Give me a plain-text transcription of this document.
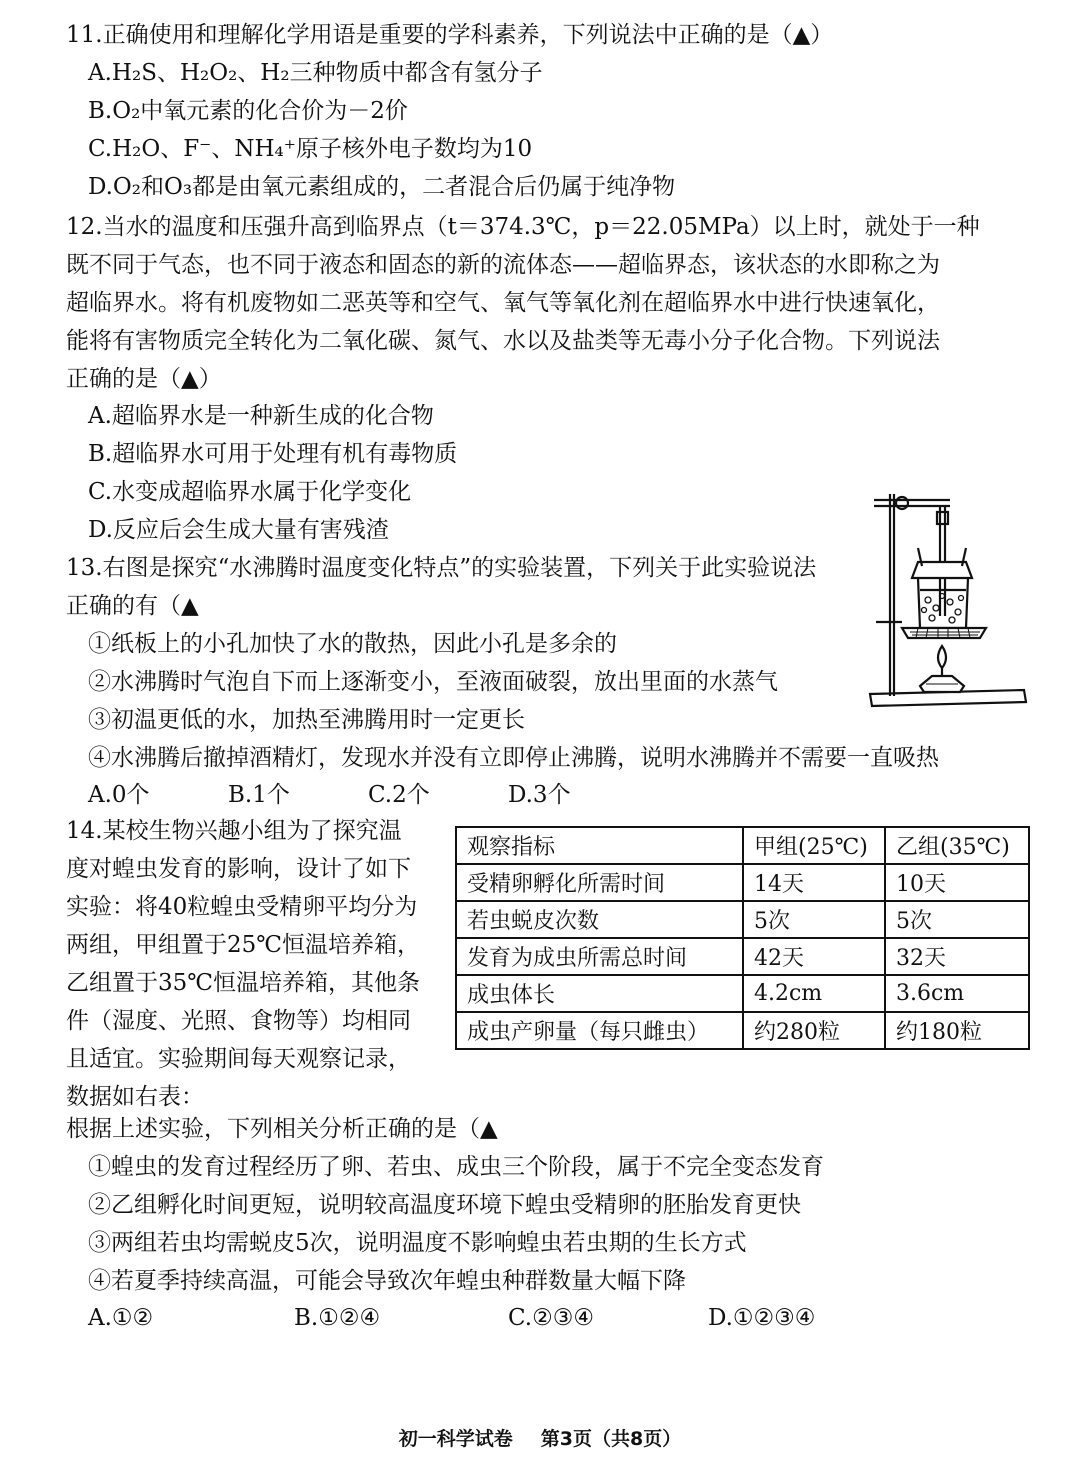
11.正确使用和理解化学用语是重要的学科素养，下列说法中正确的是（▲）
A.H₂S、H₂O₂、H₂三种物质中都含有氢分子
B.O₂中氧元素的化合价为－2价
C.H₂O、F⁻、NH₄⁺原子核外电子数均为10
D.O₂和O₃都是由氧元素组成的，二者混合后仍属于纯净物
12.当水的温度和压强升高到临界点（t＝374.3℃，p＝22.05MPa）以上时，就处于一种
既不同于气态，也不同于液态和固态的新的流体态——超临界态，该状态的水即称之为
超临界水。将有机废物如二恶英等和空气、氧气等氧化剂在超临界水中进行快速氧化，
能将有害物质完全转化为二氧化碳、氮气、水以及盐类等无毒小分子化合物。下列说法
正确的是（▲）
A.超临界水是一种新生成的化合物
B.超临界水可用于处理有机有毒物质
C.水变成超临界水属于化学变化
D.反应后会生成大量有害残渣
13.右图是探究“水沸腾时温度变化特点”的实验装置，下列关于此实验说法
正确的有（▲
①纸板上的小孔加快了水的散热，因此小孔是多余的
②水沸腾时气泡自下而上逐渐变小，至液面破裂，放出里面的水蒸气
③初温更低的水，加热至沸腾用时一定更长
④水沸腾后撤掉酒精灯，发现水并没有立即停止沸腾，说明水沸腾并不需要一直吸热
A.0个	B.1个	C.2个	D.3个
14.某校生物兴趣小组为了探究温
度对蝗虫发育的影响，设计了如下
实验：将40粒蝗虫受精卵平均分为
两组，甲组置于25℃恒温培养箱，
乙组置于35℃恒温培养箱，其他条
件（湿度、光照、食物等）均相同
且适宜。实验期间每天观察记录，
数据如右表：
观察指标	甲组(25℃)	乙组(35℃)
受精卵孵化所需时间	14天	10天
若虫蜕皮次数	5次	5次
发育为成虫所需总时间	42天	32天
成虫体长	4.2cm	3.6cm
成虫产卵量（每只雌虫）	约280粒	约180粒
根据上述实验，下列相关分析正确的是（▲
①蝗虫的发育过程经历了卵、若虫、成虫三个阶段，属于不完全变态发育
②乙组孵化时间更短，说明较高温度环境下蝗虫受精卵的胚胎发育更快
③两组若虫均需蜕皮5次，说明温度不影响蝗虫若虫期的生长方式
④若夏季持续高温，可能会导致次年蝗虫种群数量大幅下降
A.①②	B.①②④	C.②③④	D.①②③④
初一科学试卷 第3页（共8页）
